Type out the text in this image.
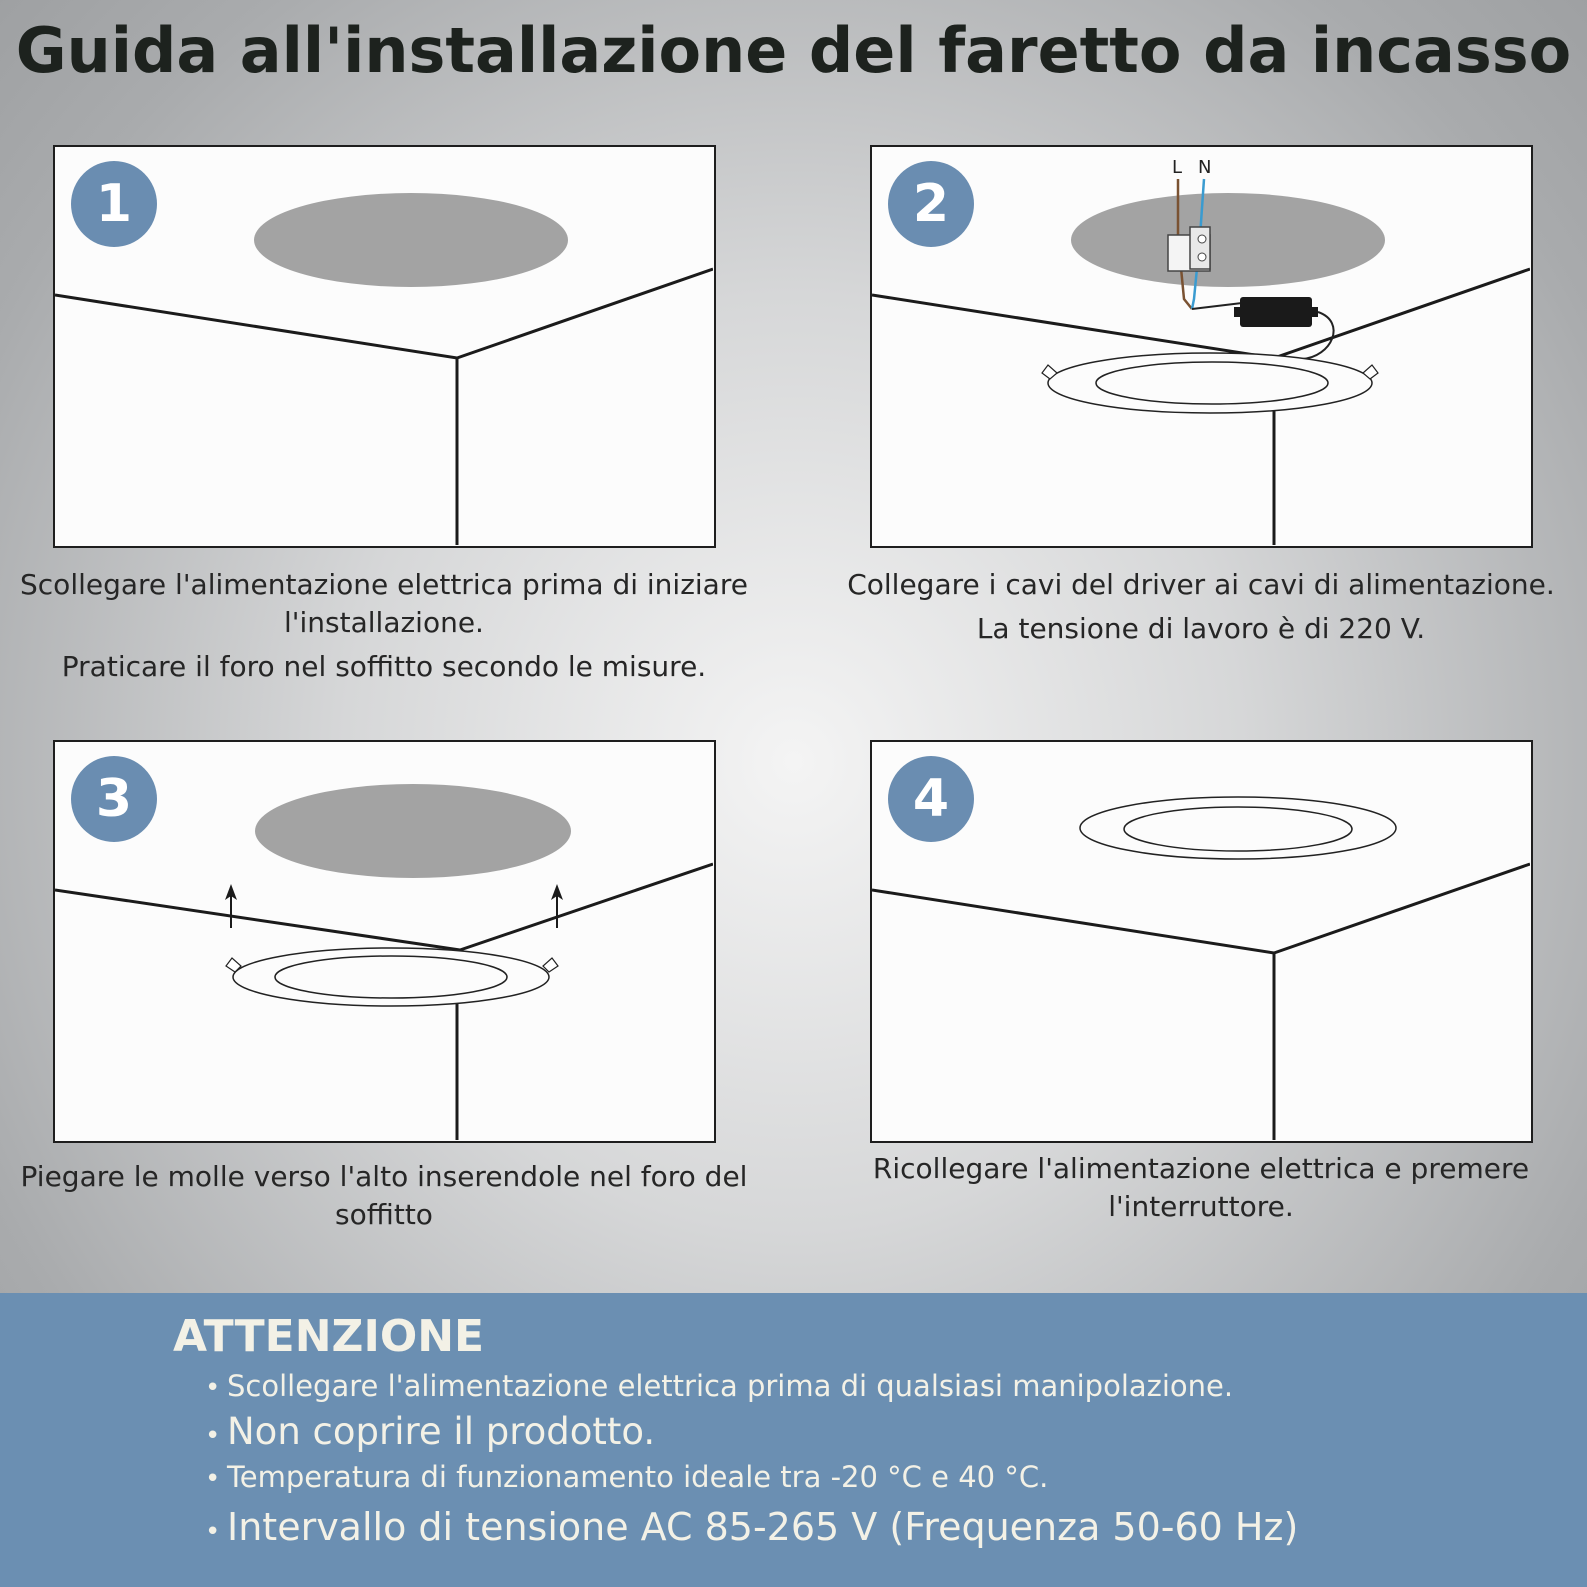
Guida all'installazione del faretto da incasso
1

Scollegare l'alimentazione elettrica prima di iniziare l'installazione.

Praticare il foro nel soffitto secondo le misure.

L N
2

Collegare i cavi del driver ai cavi di alimentazione.

La tensione di lavoro è di 220 V.

3

Piegare le molle verso l'alto inserendole nel foro del soffitto

4

Ricollegare l'alimentazione elettrica e premere l'interruttore.

ATTENZIONE
• Scollegare l'alimentazione elettrica prima di qualsiasi manipolazione.
• Non coprire il prodotto.
• Temperatura di funzionamento ideale tra -20 °C e 40 °C.
• Intervallo di tensione AC 85-265 V (Frequenza 50-60 Hz)
